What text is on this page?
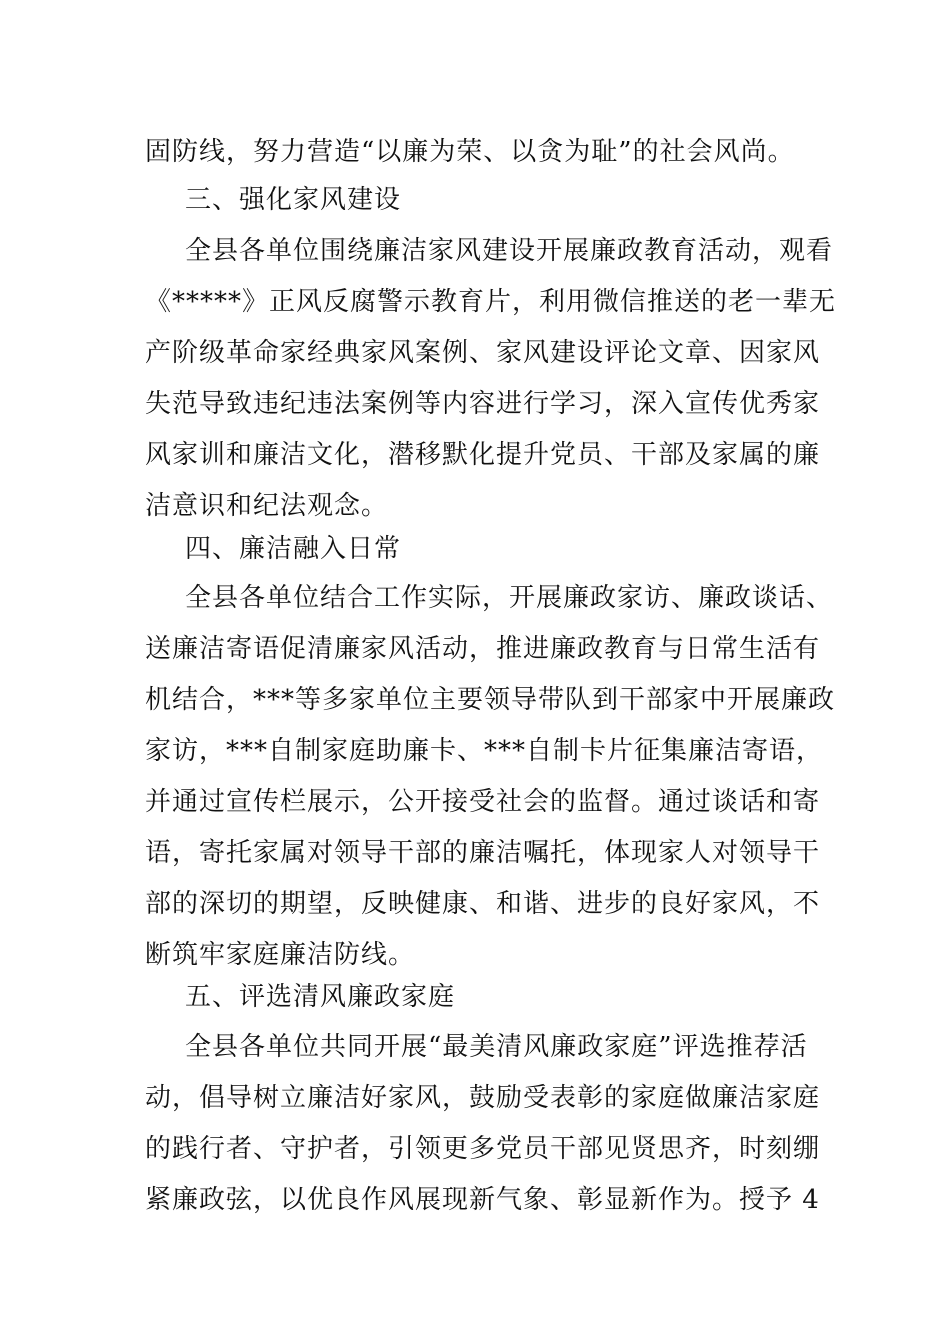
固防线，努力营造“以廉为荣、以贪为耻”的社会风尚。
三、强化家风建设
全县各单位围绕廉洁家风建设开展廉政教育活动，观看
《*****》正风反腐警示教育片，利用微信推送的老一辈无
产阶级革命家经典家风案例、家风建设评论文章、因家风
失范导致违纪违法案例等内容进行学习，深入宣传优秀家
风家训和廉洁文化，潜移默化提升党员、干部及家属的廉
洁意识和纪法观念。
四、廉洁融入日常
全县各单位结合工作实际，开展廉政家访、廉政谈话、
送廉洁寄语促清廉家风活动，推进廉政教育与日常生活有
机结合，***等多家单位主要领导带队到干部家中开展廉政
家访，***自制家庭助廉卡、***自制卡片征集廉洁寄语，
并通过宣传栏展示，公开接受社会的监督。通过谈话和寄
语，寄托家属对领导干部的廉洁嘱托，体现家人对领导干
部的深切的期望，反映健康、和谐、进步的良好家风，不
断筑牢家庭廉洁防线。
五、评选清风廉政家庭
全县各单位共同开展“最美清风廉政家庭”评选推荐活
动，倡导树立廉洁好家风，鼓励受表彰的家庭做廉洁家庭
的践行者、守护者，引领更多党员干部见贤思齐，时刻绷
紧廉政弦，以优良作风展现新气象、彰显新作为。授予 4
